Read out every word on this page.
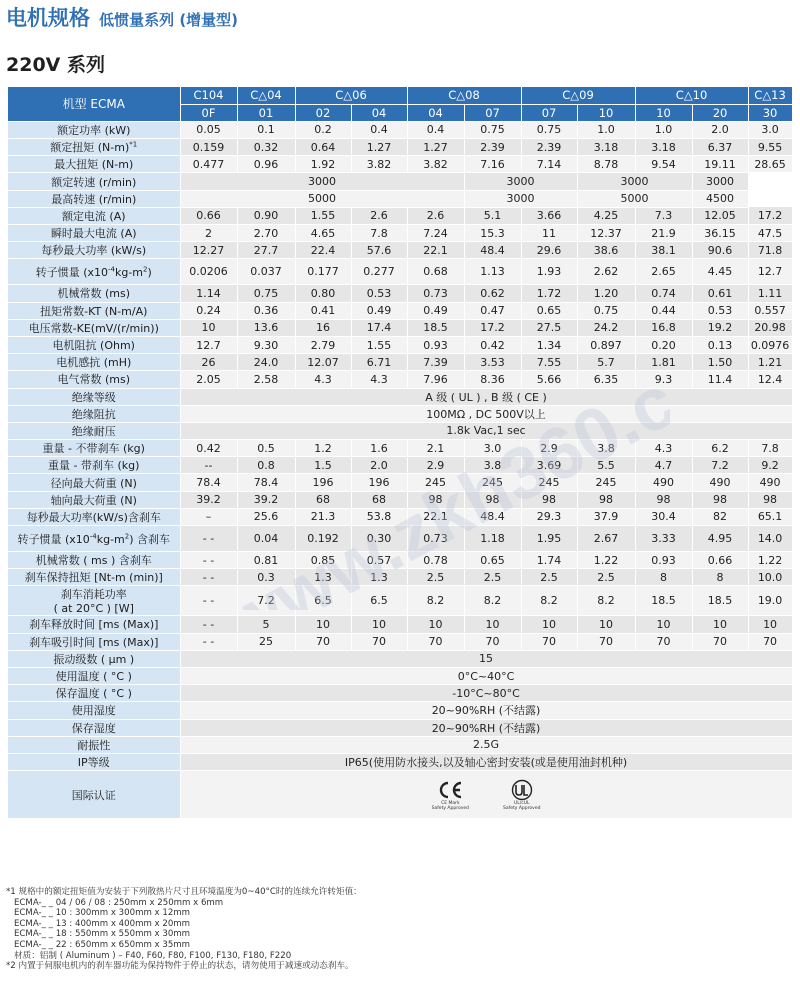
电机规格 低惯量系列 (增量型)
220V 系列
机型 ECMA	C104	C△04	C△06		C△08		C△09		C△10		C△13
	0F	01	02	04	04	07	07	10	10	20	30
额定功率 (kW)	0.05	0.1	0.2	0.4	0.4	0.75	0.75	1.0	1.0	2.0	3.0
额定扭矩 $(N-m)^{*1}$	0.159	0.32	0.64	1.27	1.27	2.39	2.39	3.18	3.18	6.37	9.55
最大扭矩 (N-m)	0.477	0.96	1.92	3.82	3.82	7.16	7.14	8.78	9.54	19.11	28.65
额定转速 (r/min)	3000					3000		3000		3000	
最高转速 (r/min)	5000					3000		5000		4500	
额定电流 (A)	0.66	0.90	1.55	2.6	2.6	5.1	3.66	4.25	7.3	12.05	17.2
瞬时最大电流 (A)	2	2.70	4.65	7.8	7.24	15.3	11	12.37	21.9	36.15	47.5
每秒最大功率 (kW/s)	12.27	27.7	22.4	57.6	22.1	48.4	29.6	38.6	38.1	90.6	71.8
转子惯量 $(x10^{-4}kg-m^2)$	0.0206	0.037	0.177	0.277	0.68	1.13	1.93	2.62	2.65	4.45	12.7
机械常数 (ms)	1.14	0.75	0.80	0.53	0.73	0.62	1.72	1.20	0.74	0.61	1.11
扭矩常数-KT (N-m/A)	0.24	0.36	0.41	0.49	0.49	0.47	0.65	0.75	0.44	0.53	0.557
电压常数-KE(mV/(r/min))	10	13.6	16	17.4	18.5	17.2	27.5	24.2	16.8	19.2	20.98
电机阻抗 (Ohm)	12.7	9.30	2.79	1.55	0.93	0.42	1.34	0.897	0.20	0.13	0.0976
电机感抗 (mH)	26	24.0	12.07	6.71	7.39	3.53	7.55	5.7	1.81	1.50	1.21
电气常数 (ms)	2.05	2.58	4.3	4.3	7.96	8.36	5.66	6.35	9.3	11.4	12.4
绝缘等级	A 级 ( UL ) , B 级 ( CE )										
绝缘阻抗	100MΩ , DC 500V以上										
绝缘耐压	1.8k Vac,1 sec										
重量 - 不带刹车 (kg)	0.42	0.5	1.2	1.6	2.1	3.0	2.9	3.8	4.3	6.2	7.8
重量 - 带刹车 (kg)	--	0.8	1.5	2.0	2.9	3.8	3.69	5.5	4.7	7.2	9.2
径向最大荷重 (N)	78.4	78.4	196	196	245	245	245	245	490	490	490
轴向最大荷重 (N)	39.2	39.2	68	68	98	98	98	98	98	98	98
每秒最大功率(kW/s)含刹车	–	25.6	21.3	53.8	22.1	48.4	29.3	37.9	30.4	82	65.1
转子惯量 $(x10^{-4}kg-m^2)$ 含刹车	- -	0.04	0.192	0.30	0.73	1.18	1.95	2.67	3.33	4.95	14.0
机械常数 ( ms ) 含刹车	- -	0.81	0.85	0.57	0.78	0.65	1.74	1.22	0.93	0.66	1.22
刹车保持扭矩 [Nt-m (min)]	- -	0.3	1.3	1.3	2.5	2.5	2.5	2.5	8	8	10.0
刹车消耗功率
( at 20°C ) [W]	- -	7.2	6.5	6.5	8.2	8.2	8.2	8.2	18.5	18.5	19.0
刹车释放时间 [ms (Max)]	- -	5	10	10	10	10	10	10	10	10	10
刹车吸引时间 [ms (Max)]	- -	25	70	70	70	70	70	70	70	70	70
振动级数 ( μm )	15										
使用温度 ( °C )	0°C~40°C										
保存温度 ( °C )	-10°C~80°C										
使用湿度	20~90%RH (不结露)										
保存湿度	20~90%RH (不结露)										
耐振性	2.5G										
IP等级	IP65(使用防水接头,以及轴心密封安装(或是使用油封机种)										
国际认证	CE Mark
Safety Approved
UL/cUL
Safety Approved										
*1 规格中的额定扭矩值为安装于下列散热片尺寸且环境温度为0~40°C时的连续允许转矩值：
ECMA-_ _ 04 / 06 / 08 : 250mm x 250mm x 6mm
ECMA-_ _ 10 : 300mm x 300mm x 12mm
ECMA-_ _ 13 : 400mm x 400mm x 20mm
ECMA-_ _ 18 : 550mm x 550mm x 30mm
ECMA-_ _ 22 : 650mm x 650mm x 35mm
材质：铝制 ( Aluminum ) – F40, F60, F80, F100, F130, F180, F220
*2 内置于伺服电机内的刹车器功能为保持物件于停止的状态，请勿使用于减速或动态刹车。
